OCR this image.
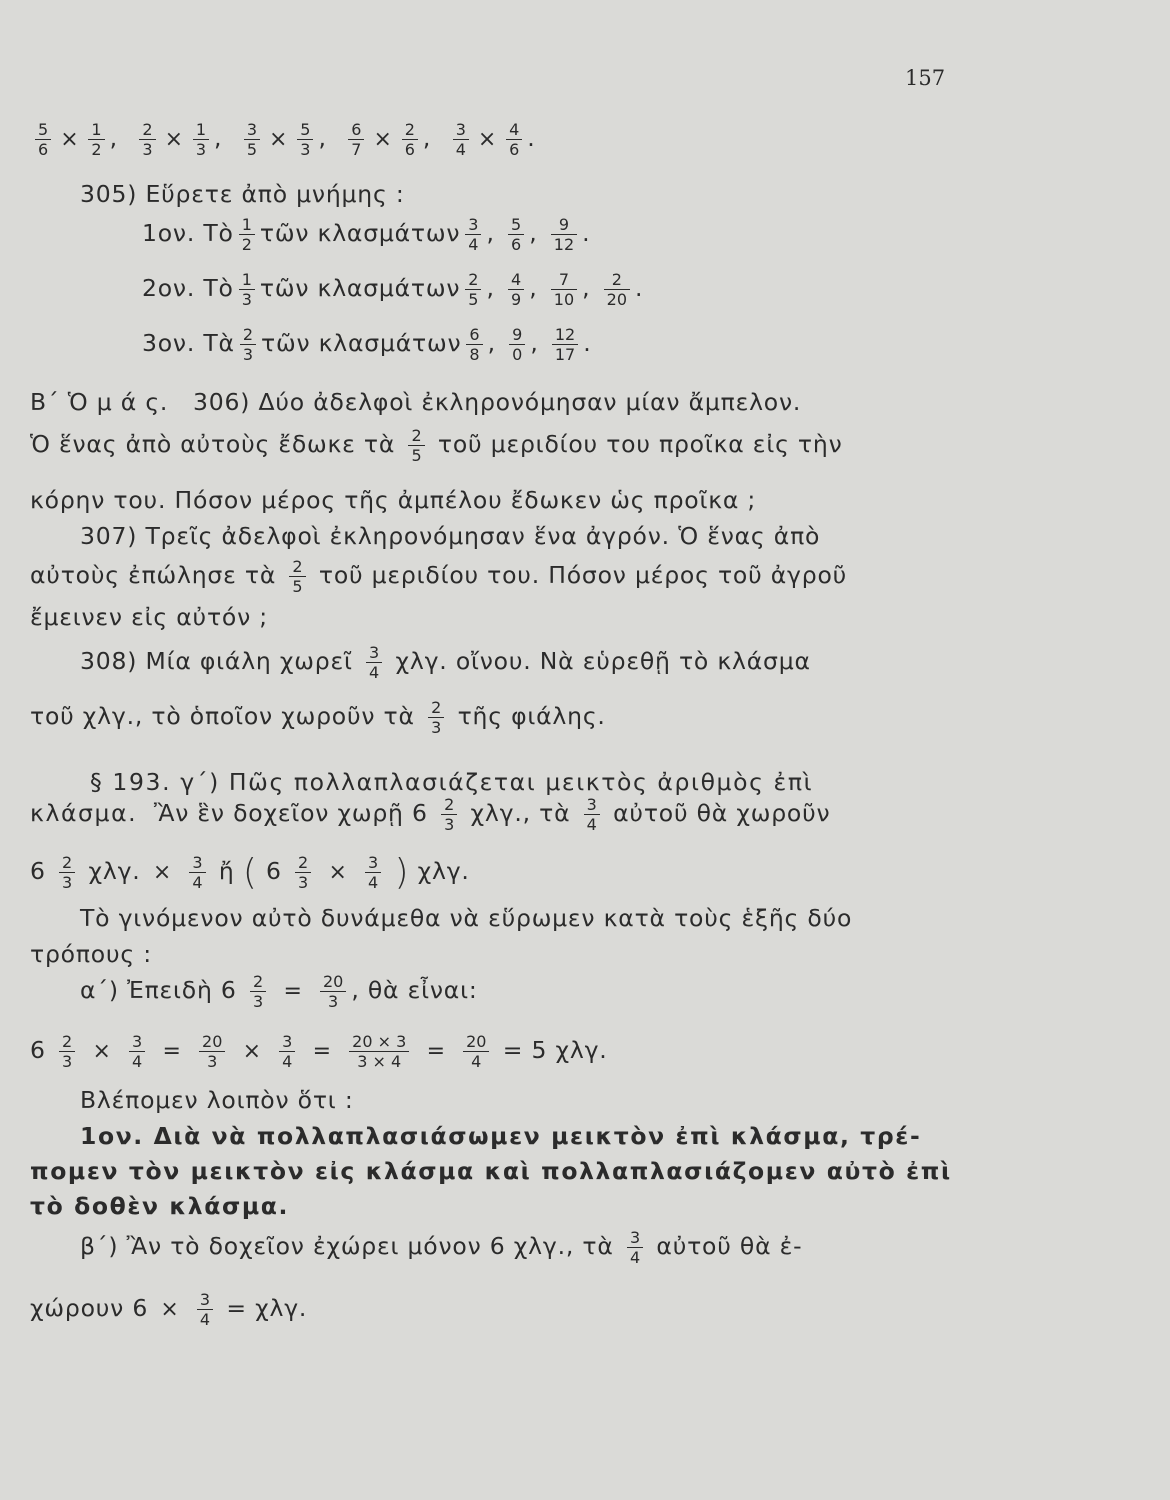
157
$\frac{5}{6} \times \frac{1}{2}$ , $\frac{2}{3} \times \frac{1}{3}$ , $\frac{3}{5} \times \frac{5}{3}$ , $\frac{6}{7} \times \frac{2}{6}$ , $\frac{3}{4} \times \frac{4}{6}$ .
305) Εὕρετε ἀπὸ μνήμης :
1ον. Τὸ $\frac{1}{2}$ τῶν κλασμάτων $\frac{3}{4}$ , $\frac{5}{6}$ , $\frac{9}{12}$ .
2ον. Τὸ $\frac{1}{3}$ τῶν κλασμάτων $\frac{2}{5}$ , $\frac{4}{9}$ , $\frac{7}{10}$ , $\frac{2}{20}$ .
3ον. Τὰ $\frac{2}{3}$ τῶν κλασμάτων $\frac{6}{8}$ , $\frac{9}{0}$ , $\frac{12}{17}$ .
Β΄ Ὁ μ ά ς. 306) Δύο ἀδελφοὶ ἐκληρονόμησαν μίαν ἄμπελον.
Ὁ ἕνας ἀπὸ αὐτοὺς ἔδωκε τὰ $\frac{2}{5}$ τοῦ μεριδίου του προῖκα εἰς τὴν
κόρην του. Πόσον μέρος τῆς ἀμπέλου ἔδωκεν ὡς προῖκα ;
307) Τρεῖς ἀδελφοὶ ἐκληρονόμησαν ἕνα ἀγρόν. Ὁ ἕνας ἀπὸ
αὐτοὺς ἐπώλησε τὰ $\frac{2}{5}$ τοῦ μεριδίου του. Πόσον μέρος τοῦ ἀγροῦ
ἔμεινεν εἰς αὐτόν ;
308) Μία φιάλη χωρεῖ $\frac{3}{4} \chi\lambda\gamma$. οἴνου. Νὰ εὑρεθῇ τὸ κλάσμα
τοῦ χλγ., τὸ ὁποῖον χωροῦν τὰ $\frac{2}{3}$ τῆς φιάλης.
§ 193. γ΄) Πῶς πολλαπλασιάζεται μεικτὸς ἀριθμὸς ἐπὶ
κλάσμα. Ἂν ἓν δοχεῖον χωρῇ $6 \frac{2}{3} \chi\lambda\gamma$., τὰ $\frac{3}{4}$ αὐτοῦ θὰ χωροῦν
$6 \frac{2}{3} \chi\lambda\gamma$. × $\frac{3}{4}$ ἤ ( $6 \frac{2}{3} \times \frac{3}{4}$ ) χλγ.
Τὸ γινόμενον αὐτὸ δυνάμεθα νὰ εὕρωμεν κατὰ τοὺς ἑξῆς δύο
τρόπους :
α΄) Ἐπειδὴ $6 \frac{2}{3} = \frac{20}{3}$ , θὰ εἶναι:
$6 \frac{2}{3} \times \frac{3}{4} = \frac{20}{3} \times \frac{3}{4} = \frac{20 \times 3}{3 \times 4} = \frac{20}{4} = 5$ χλγ.
Βλέπομεν λοιπὸν ὅτι :
1ον. Διὰ νὰ πολλαπλασιάσωμεν μεικτὸν ἐπὶ κλάσμα, τρέ-
πομεν τὸν μεικτὸν εἰς κλάσμα καὶ πολλαπλασιάζομεν αὐτὸ ἐπὶ
τὸ δοθὲν κλάσμα.
β΄) Ἂν τὸ δοχεῖον ἐχώρει μόνον 6 χλγ., τὰ $\frac{3}{4}$ αὐτοῦ θὰ ἐ-
χώρουν $6 \times \frac{3}{4} = \chi\lambda\gamma$.
